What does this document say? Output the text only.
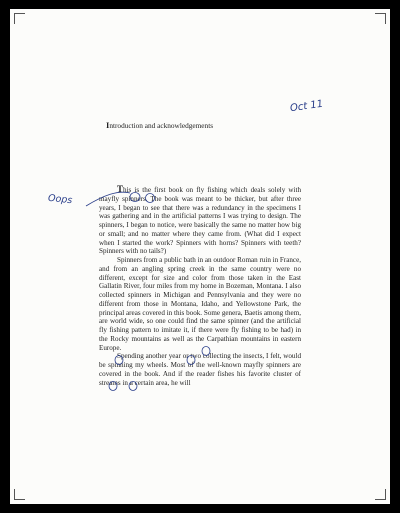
Introduction and acknowledgements

This is the first book on fly fishing which deals solely with mayfly spinners. The book was meant to be thicker, but after three years, I began to see that there was a redundancy in the specimens I was gathering and in the artificial patterns I was trying to design. The spinners, I began to notice, were basically the same no matter how big or small; and no matter where they came from. (What did I expect when I started the work? Spinners with horns? Spinners with teeth? Spinners with no tails?)

Spinners from a public bath in an outdoor Roman ruin in France, and from an angling spring creek in the same country were no different, except for size and color from those taken in the East Gallatin River, four miles from my home in Bozeman, Montana. I also collected spinners in Michigan and Pennsylvania and they were no different from those in Montana, Idaho, and Yellowstone Park, the principal areas covered in this book. Some genera, Baetis among them, are world wide, so one could find the same spinner (and the artificial fly fishing pattern to imitate it, if there were fly fishing to be had) in the Rocky mountains as well as the Carpathian mountains in eastern Europe.

Spending another year or two collecting the insects, I felt, would be spinning my wheels. Most of the well-known mayfly spinners are covered in the book. And if the reader fishes his favorite cluster of streams in a certain area, he will

Oct 11
Oops
